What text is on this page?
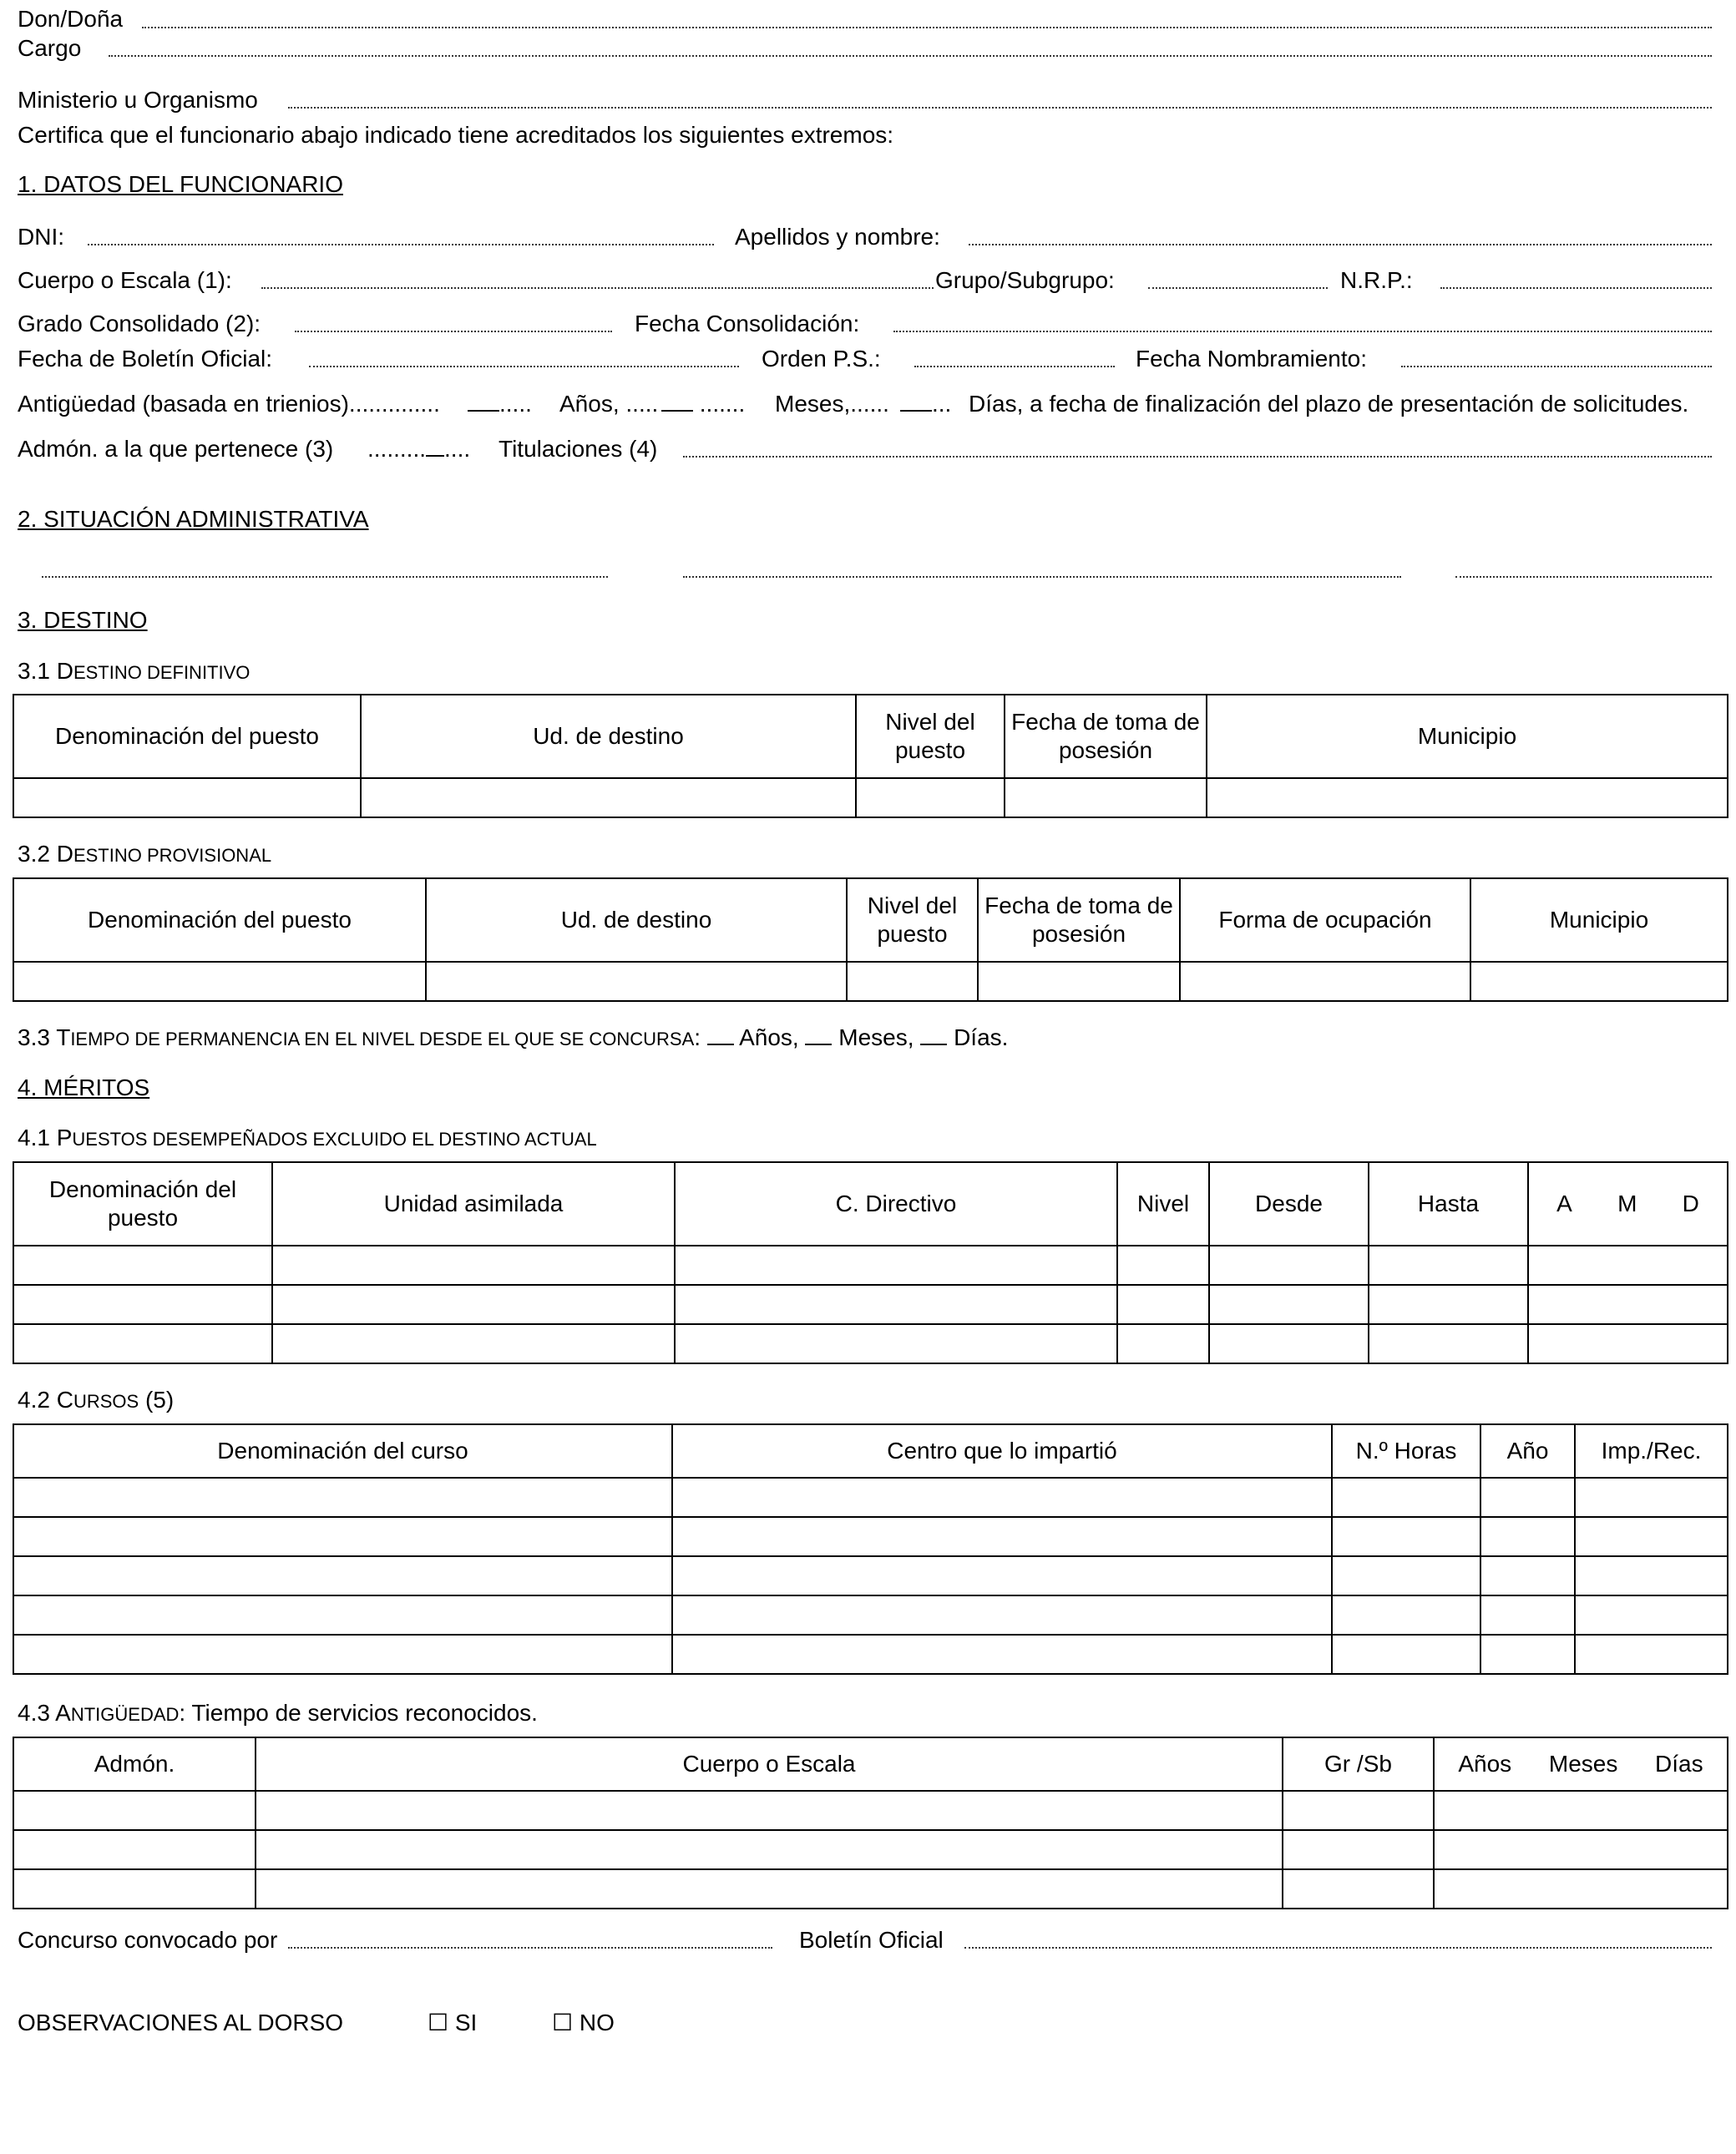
Don/Doña
Cargo
Ministerio u Organismo
Certifica que el funcionario abajo indicado tiene acreditados los siguientes extremos:
1. DATOS DEL FUNCIONARIO
DNI:	Apellidos y nombre:
Cuerpo o Escala (1):	Grupo/Subgrupo:	N.R.P.:
Grado Consolidado (2):	Fecha Consolidación:
Fecha de Boletín Oficial:	Orden P.S.:	Fecha Nombramiento:
Antigüedad (basada en trienios)..............	..... Años, .....	....... Meses,......	... Días, a fecha de finalización del plazo de presentación de solicitudes.
Admón. a la que pertenece (3) ......... .... Titulaciones (4)
2. SITUACIÓN ADMINISTRATIVA
3. DESTINO
3.1 DESTINO DEFINITIVO
Denominación del puesto	Ud. de destino	Nivel del puesto	Fecha de toma de posesión	Municipio

3.2 DESTINO PROVISIONAL
Denominación del puesto	Ud. de destino	Nivel del puesto	Fecha de toma de posesión	Forma de ocupación	Municipio

3.3 TIEMPO DE PERMANENCIA EN EL NIVEL DESDE EL QUE SE CONCURSA:  Años, Meses, Días.
4. MÉRITOS
4.1 PUESTOS DESEMPEÑADOS EXCLUIDO EL DESTINO ACTUAL
Denominación del puesto	Unidad asimilada	C. Directivo	Nivel	Desde	Hasta	A M D

4.2 CURSOS (5)
Denominación del curso	Centro que lo impartió	N.º Horas	Año	Imp./Rec.

4.3 ANTIGÜEDAD: Tiempo de servicios reconocidos.
Admón.	Cuerpo o Escala	Gr /Sb	Años Meses Días

Concurso convocado por	Boletín Oficial
OBSERVACIONES AL DORSO	☐ SI	☐ NO
